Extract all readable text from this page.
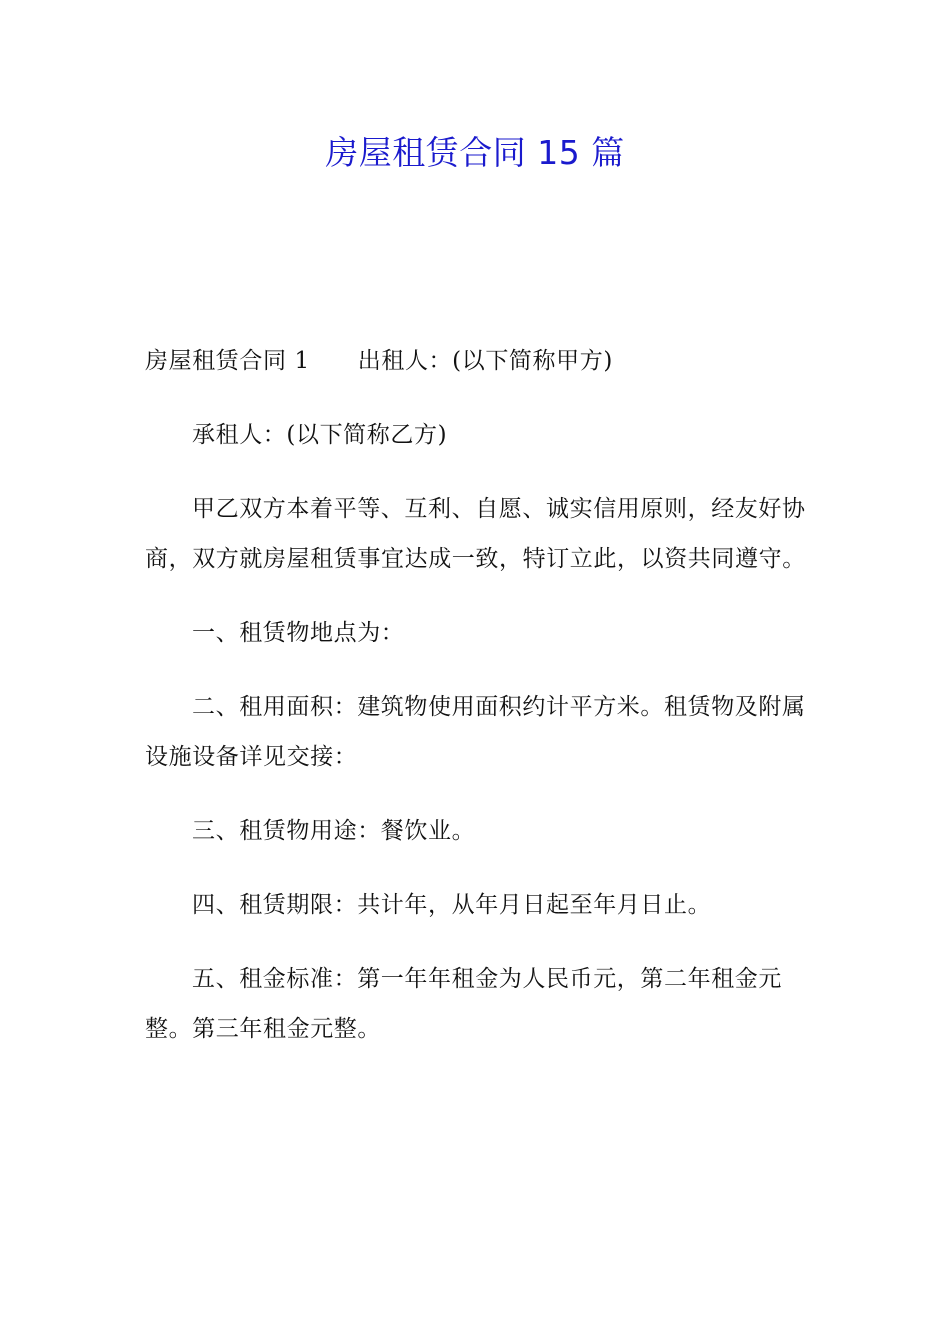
房屋租赁合同 15 篇

房屋租赁合同 1 出租人：(以下简称甲方)

承租人：(以下简称乙方)

甲乙双方本着平等、互利、自愿、诚实信用原则，经友好协商，双方就房屋租赁事宜达成一致，特订立此，以资共同遵守。

一、租赁物地点为：

二、租用面积：建筑物使用面积约计平方米。租赁物及附属设施设备详见交接：

三、租赁物用途：餐饮业。

四、租赁期限：共计年，从年月日起至年月日止。

五、租金标准：第一年年租金为人民币元，第二年租金元整。第三年租金元整。
